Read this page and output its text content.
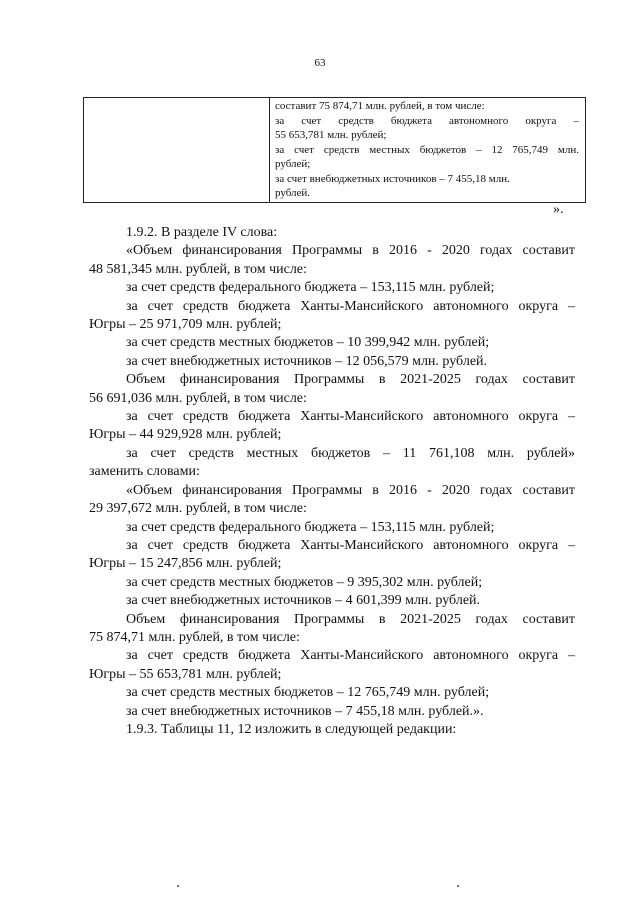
63
составит 75 874,71 млн. рублей, в том числе:
за счет средств бюджета автономного округа –
55 653,781 млн. рублей;
за счет средств местных бюджетов – 12 765,749 млн.
рублей;
за счет внебюджетных источников – 7 455,18 млн.
рублей.
».
1.9.2. В разделе IV слова:
«Объем финансирования Программы в 2016 - 2020 годах составит
48 581,345 млн. рублей, в том числе:
за счет средств федерального бюджета – 153,115 млн. рублей;
за счет средств бюджета Ханты-Мансийского автономного округа –
Югры – 25 971,709 млн. рублей;
за счет средств местных бюджетов – 10 399,942 млн. рублей;
за счет внебюджетных источников – 12 056,579 млн. рублей.
Объем финансирования Программы в 2021-2025 годах составит
56 691,036 млн. рублей, в том числе:
за счет средств бюджета Ханты-Мансийского автономного округа –
Югры – 44 929,928 млн. рублей;
за счет средств местных бюджетов – 11 761,108 млн. рублей»
заменить словами:
«Объем финансирования Программы в 2016 - 2020 годах составит
29 397,672 млн. рублей, в том числе:
за счет средств федерального бюджета – 153,115 млн. рублей;
за счет средств бюджета Ханты-Мансийского автономного округа –
Югры – 15 247,856 млн. рублей;
за счет средств местных бюджетов – 9 395,302 млн. рублей;
за счет внебюджетных источников – 4 601,399 млн. рублей.
Объем финансирования Программы в 2021-2025 годах составит
75 874,71 млн. рублей, в том числе:
за счет средств бюджета Ханты-Мансийского автономного округа –
Югры – 55 653,781 млн. рублей;
за счет средств местных бюджетов – 12 765,749 млн. рублей;
за счет внебюджетных источников – 7 455,18 млн. рублей.».
1.9.3. Таблицы 11, 12 изложить в следующей редакции:
